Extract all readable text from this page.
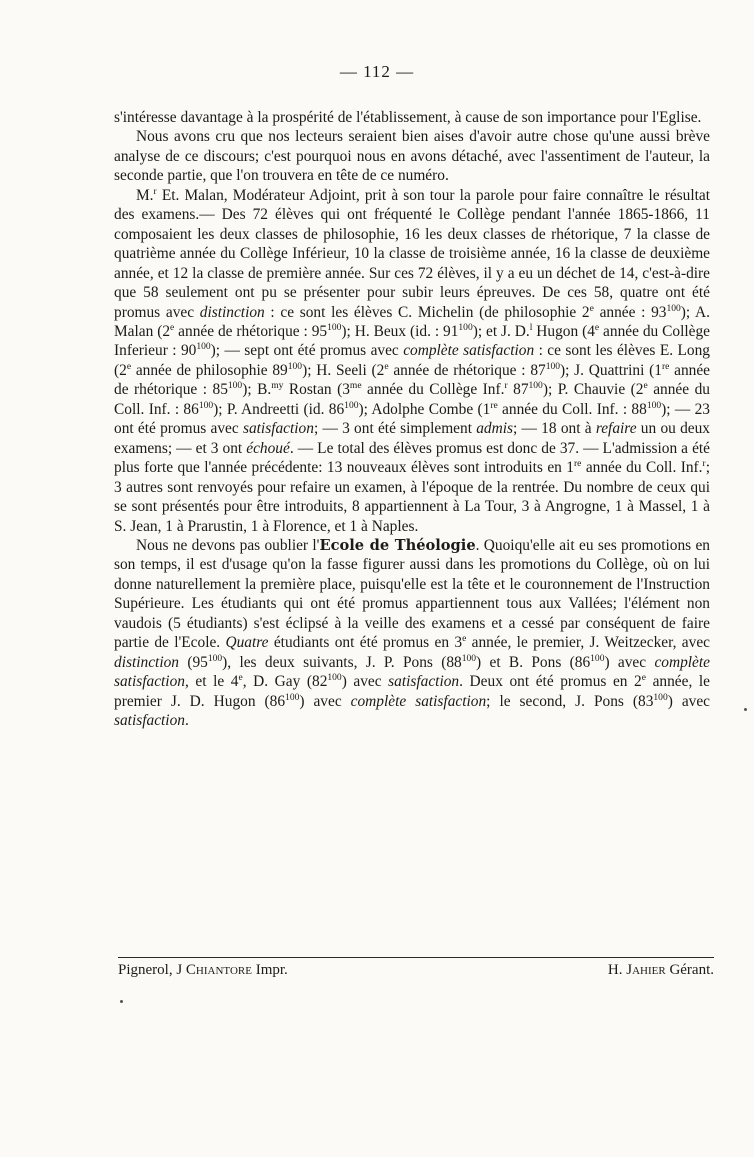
— 112 —

s'intéresse davantage à la prospérité de l'établissement, à cause de son importance pour l'Eglise.

Nous avons cru que nos lecteurs seraient bien aises d'avoir autre chose qu'une aussi brève analyse de ce discours; c'est pourquoi nous en avons détaché, avec l'assentiment de l'auteur, la seconde partie, que l'on trouvera en tête de ce numéro.

M.$^r$ Et. Malan, Modérateur Adjoint, prit à son tour la parole pour faire connaître le résultat des examens.— Des 72 élèves qui ont fréquenté le Collège pendant l'année 1865-1866, 11 composaient les deux classes de philosophie, 16 les deux classes de rhétorique, 7 la classe de quatrième année du Collège Inférieur, 10 la classe de troisième année, 16 la classe de deuxième année, et 12 la classe de première année. Sur ces 72 élèves, il y a eu un déchet de 14, c'est-à-dire que 58 seulement ont pu se présenter pour subir leurs épreuves. De ces 58, quatre ont été promus avec distinction : ce sont les élèves C. Michelin (de philosophie 2e année : $93^{100}$); A. Malan (2e année de rhétorique : $95^{100}$); H. Beux (id. : $91^{100}$); et J. D.$^l$ Hugon (4e année du Collège Inferieur : $90^{100}$); — sept ont été promus avec complète satisfaction : ce sont les élèves E. Long (2e année de philosophie $89^{100}$); H. Seeli (2e année de rhétorique : $87^{100}$); J. Quattrini (1re année de rhétorique : $85^{100}$); B.$^{my}$ Rostan ($3^{me}$ année du Collège Inf.$^r$ $87^{100}$); P. Chauvie (2e année du Coll. Inf. : $86^{100}$); P. Andreetti (id. $86^{100}$); Adolphe Combe (1re année du Coll. Inf. : $88^{100}$); — 23 ont été promus avec satisfaction; — 3 ont été simplement admis; — 18 ont à refaire un ou deux examens; — et 3 ont échoué. — Le total des élèves promus est donc de 37. — L'admission a été plus forte que l'année précédente: 13 nouveaux élèves sont introduits en 1re année du Coll. Inf.$^r$; 3 autres sont renvoyés pour refaire un examen, à l'époque de la rentrée. Du nombre de ceux qui se sont présentés pour être introduits, 8 appartiennent à La Tour, 3 à Angrogne, 1 à Massel, 1 à S. Jean, 1 à Prarustin, 1 à Florence, et 1 à Naples.

Nous ne devons pas oublier l'Ecole de Théologie. Quoiqu'elle ait eu ses promotions en son temps, il est d'usage qu'on la fasse figurer aussi dans les promotions du Collège, où on lui donne naturellement la première place, puisqu'elle est la tête et le couronnement de l'Instruction Supérieure. Les étudiants qui ont été promus appartiennent tous aux Vallées; l'élément non vaudois (5 étudiants) s'est éclipsé à la veille des examens et a cessé par conséquent de faire partie de l'Ecole. Quatre étudiants ont été promus en 3e année, le premier, J. Weitzecker, avec distinction $(95^{100})$, les deux suivants, J. P. Pons $(88^{100})$ et B. Pons $(86^{100})$ avec complète satisfaction, et le 4e, D. Gay $(82^{100})$ avec satisfaction. Deux ont été promus en 2e année, le premier J. D. Hugon $(86^{100})$ avec complète satisfaction; le second, J. Pons $(83^{100})$ avec satisfaction.

Pignerol, J Chiantore Impr.	H. Jahier Gérant.
